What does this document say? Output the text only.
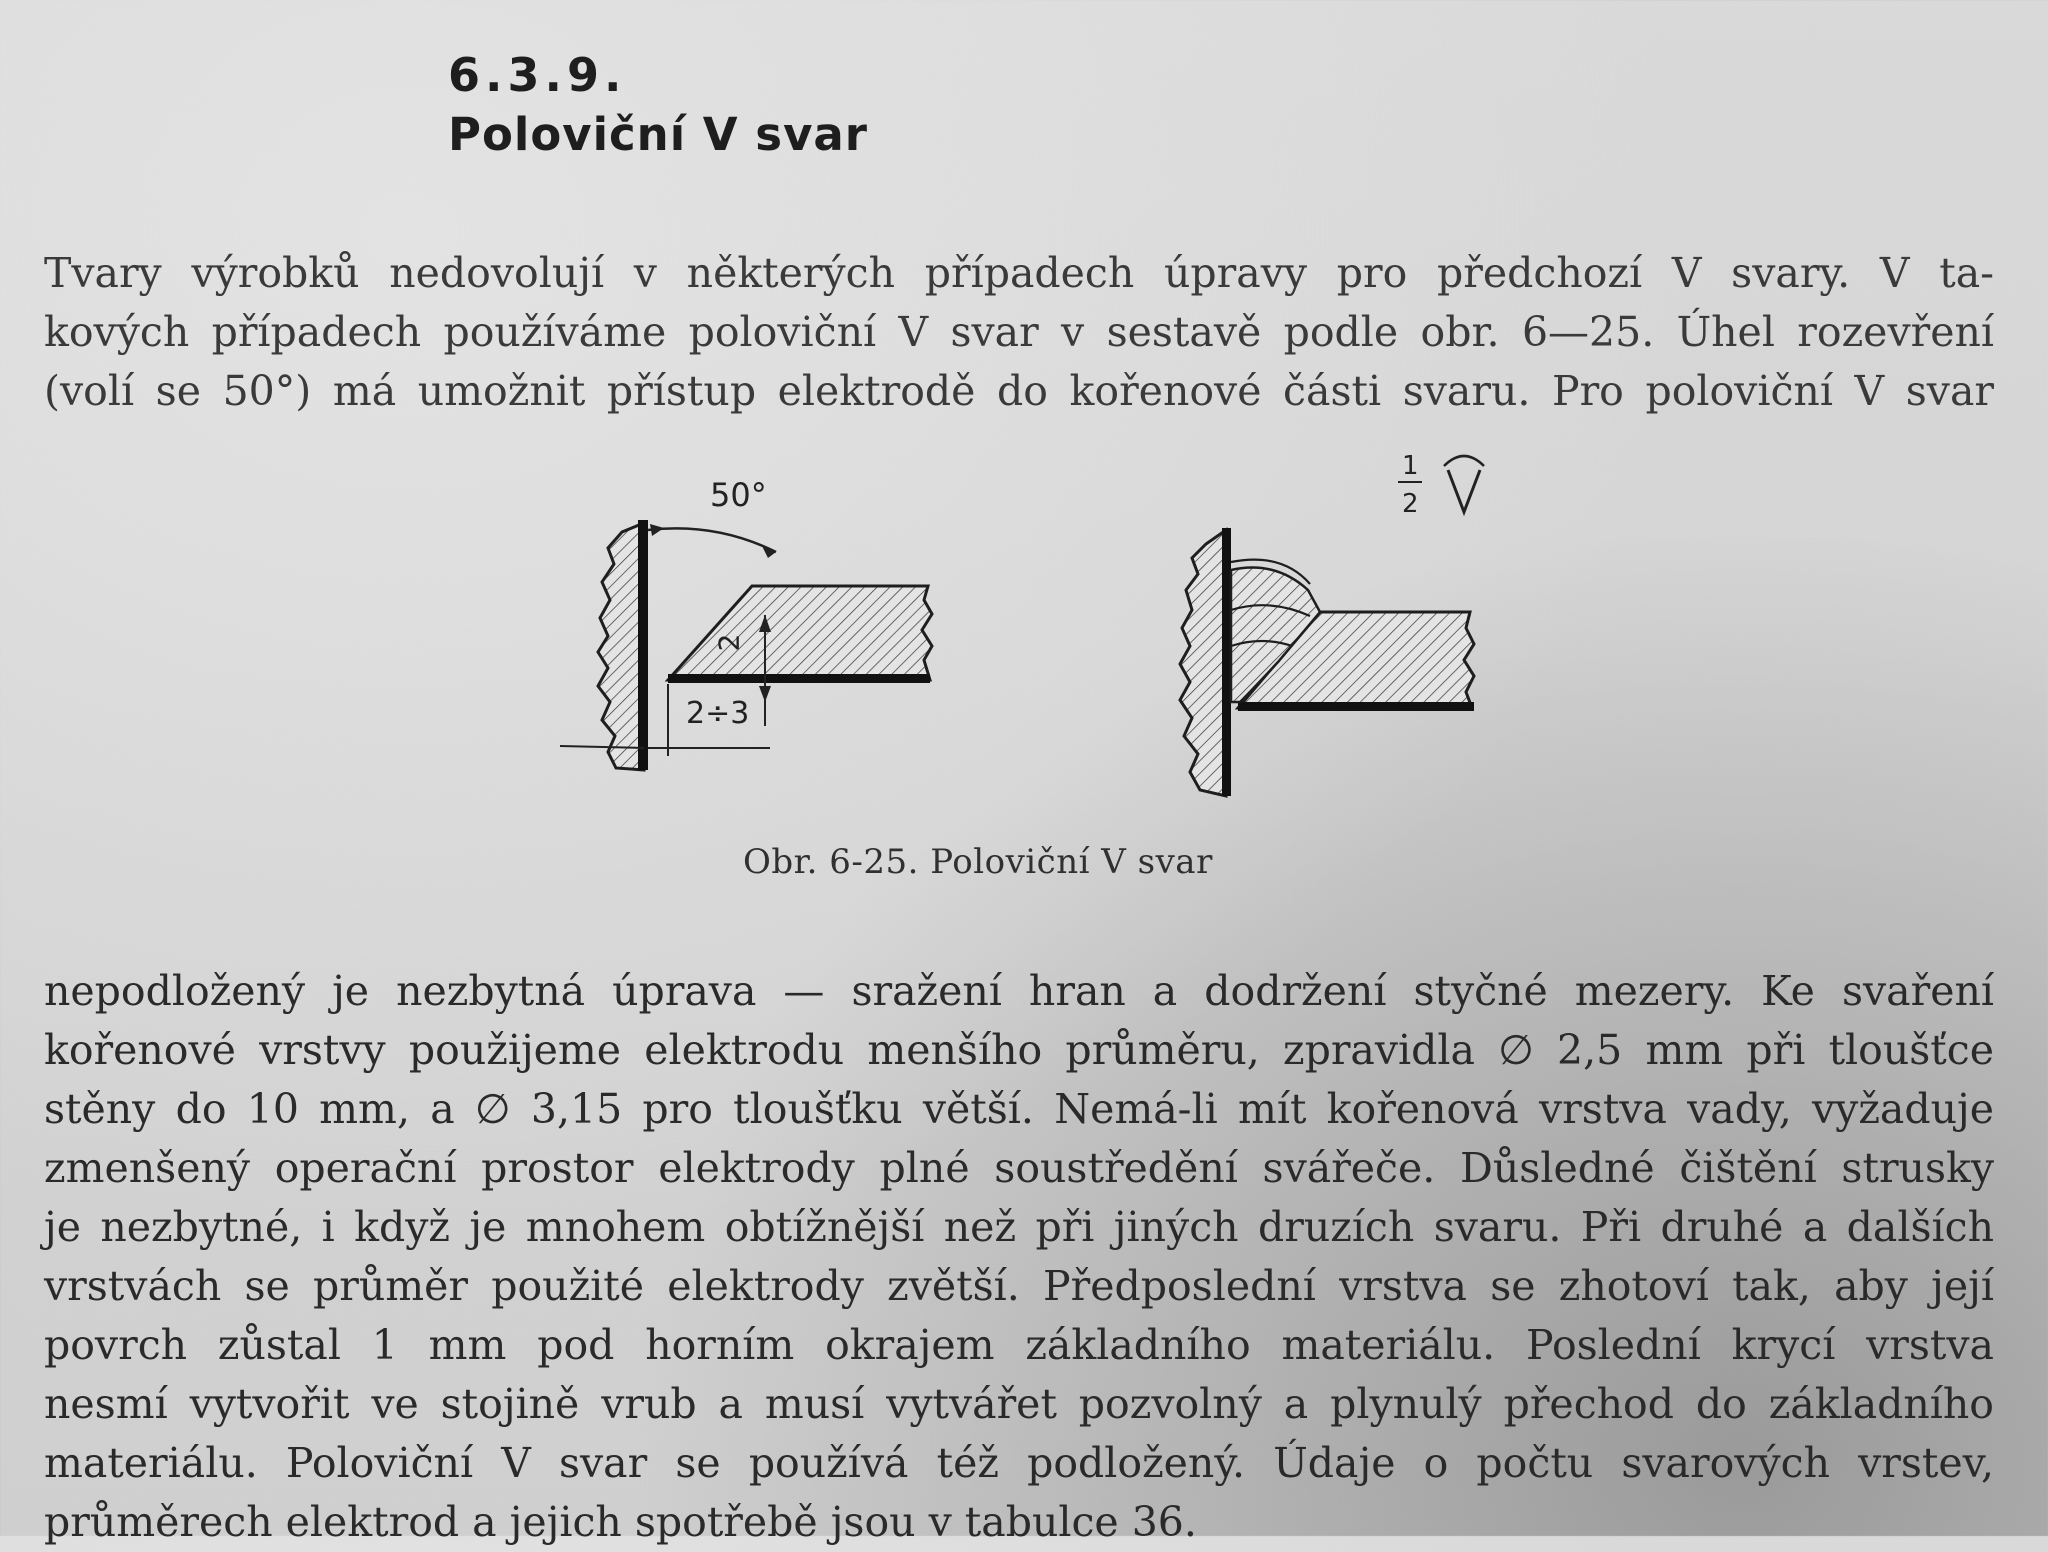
6.3.9.
Poloviční V svar

Tvary výrobků nedovolují v některých případech úpravy pro předchozí V svary. V ta-
kových případech používáme poloviční V svar v sestavě podle obr. 6—25. Úhel rozevření
(volí se 50°) má umožnit přístup elektrodě do kořenové části svaru. Pro poloviční V svar

1
2

50°

2÷3

2

Obr. 6-25. Poloviční V svar

nepodložený je nezbytná úprava — sražení hran a dodržení styčné mezery. Ke svaření
kořenové vrstvy použijeme elektrodu menšího průměru, zpravidla ∅ 2,5 mm při tloušťce
stěny do 10 mm, a ∅ 3,15 pro tloušťku větší. Nemá-li mít kořenová vrstva vady, vyžaduje
zmenšený operační prostor elektrody plné soustředění svářeče. Důsledné čištění strusky
je nezbytné, i když je mnohem obtížnější než při jiných druzích svaru. Při druhé a dalších
vrstvách se průměr použité elektrody zvětší. Předposlední vrstva se zhotoví tak, aby její
povrch zůstal 1 mm pod horním okrajem základního materiálu. Poslední krycí vrstva
nesmí vytvořit ve stojině vrub a musí vytvářet pozvolný a plynulý přechod do základního
materiálu. Poloviční V svar se používá též podložený. Údaje o počtu svarových vrstev,
průměrech elektrod a jejich spotřebě jsou v tabulce 36.
